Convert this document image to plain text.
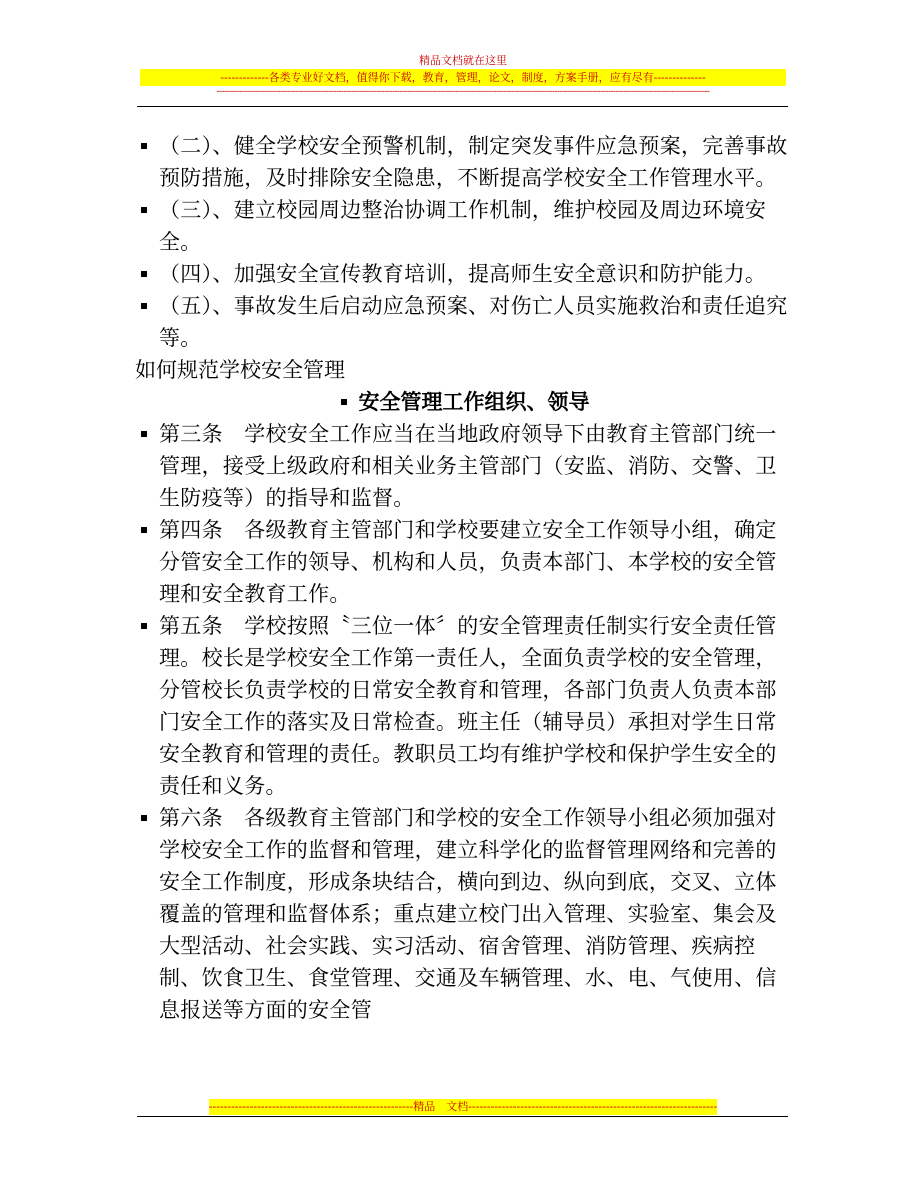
精品文档就在这里
-------------各类专业好文档，值得你下载，教育，管理，论文，制度，方案手册，应有尽有--------------
--------------------------------------------------------------------------------------------------------------------------------------------------------------------------------------------------
（二）、健全学校安全预警机制，制定突发事件应急预案，完善事故预防措施，及时排除安全隐患，不断提高学校安全工作管理水平。
（三）、建立校园周边整治协调工作机制，维护校园及周边环境安全。
（四）、加强安全宣传教育培训，提高师生安全意识和防护能力。
（五）、事故发生后启动应急预案、对伤亡人员实施救治和责任追究等。
如何规范学校安全管理
安全管理工作组织、领导
第三条　学校安全工作应当在当地政府领导下由教育主管部门统一管理，接受上级政府和相关业务主管部门（安监、消防、交警、卫生防疫等）的指导和监督。
第四条　各级教育主管部门和学校要建立安全工作领导小组，确定分管安全工作的领导、机构和人员，负责本部门、本学校的安全管理和安全教育工作。
第五条　学校按照〝三位一体〞的安全管理责任制实行安全责任管理。校长是学校安全工作第一责任人，全面负责学校的安全管理，分管校长负责学校的日常安全教育和管理，各部门负责人负责本部门安全工作的落实及日常检查。班主任（辅导员）承担对学生日常安全教育和管理的责任。教职员工均有维护学校和保护学生安全的责任和义务。
第六条　各级教育主管部门和学校的安全工作领导小组必须加强对学校安全工作的监督和管理，建立科学化的监督管理网络和完善的安全工作制度，形成条块结合，横向到边、纵向到底，交叉、立体覆盖的管理和监督体系；重点建立校门出入管理、实验室、集会及大型活动、社会实践、实习活动、宿舍管理、消防管理、疾病控制、饮食卫生、食堂管理、交通及车辆管理、水、电、气使用、信息报送等方面的安全管
-------------------------------------------------------精品　文档-------------------------------------------------------------------
